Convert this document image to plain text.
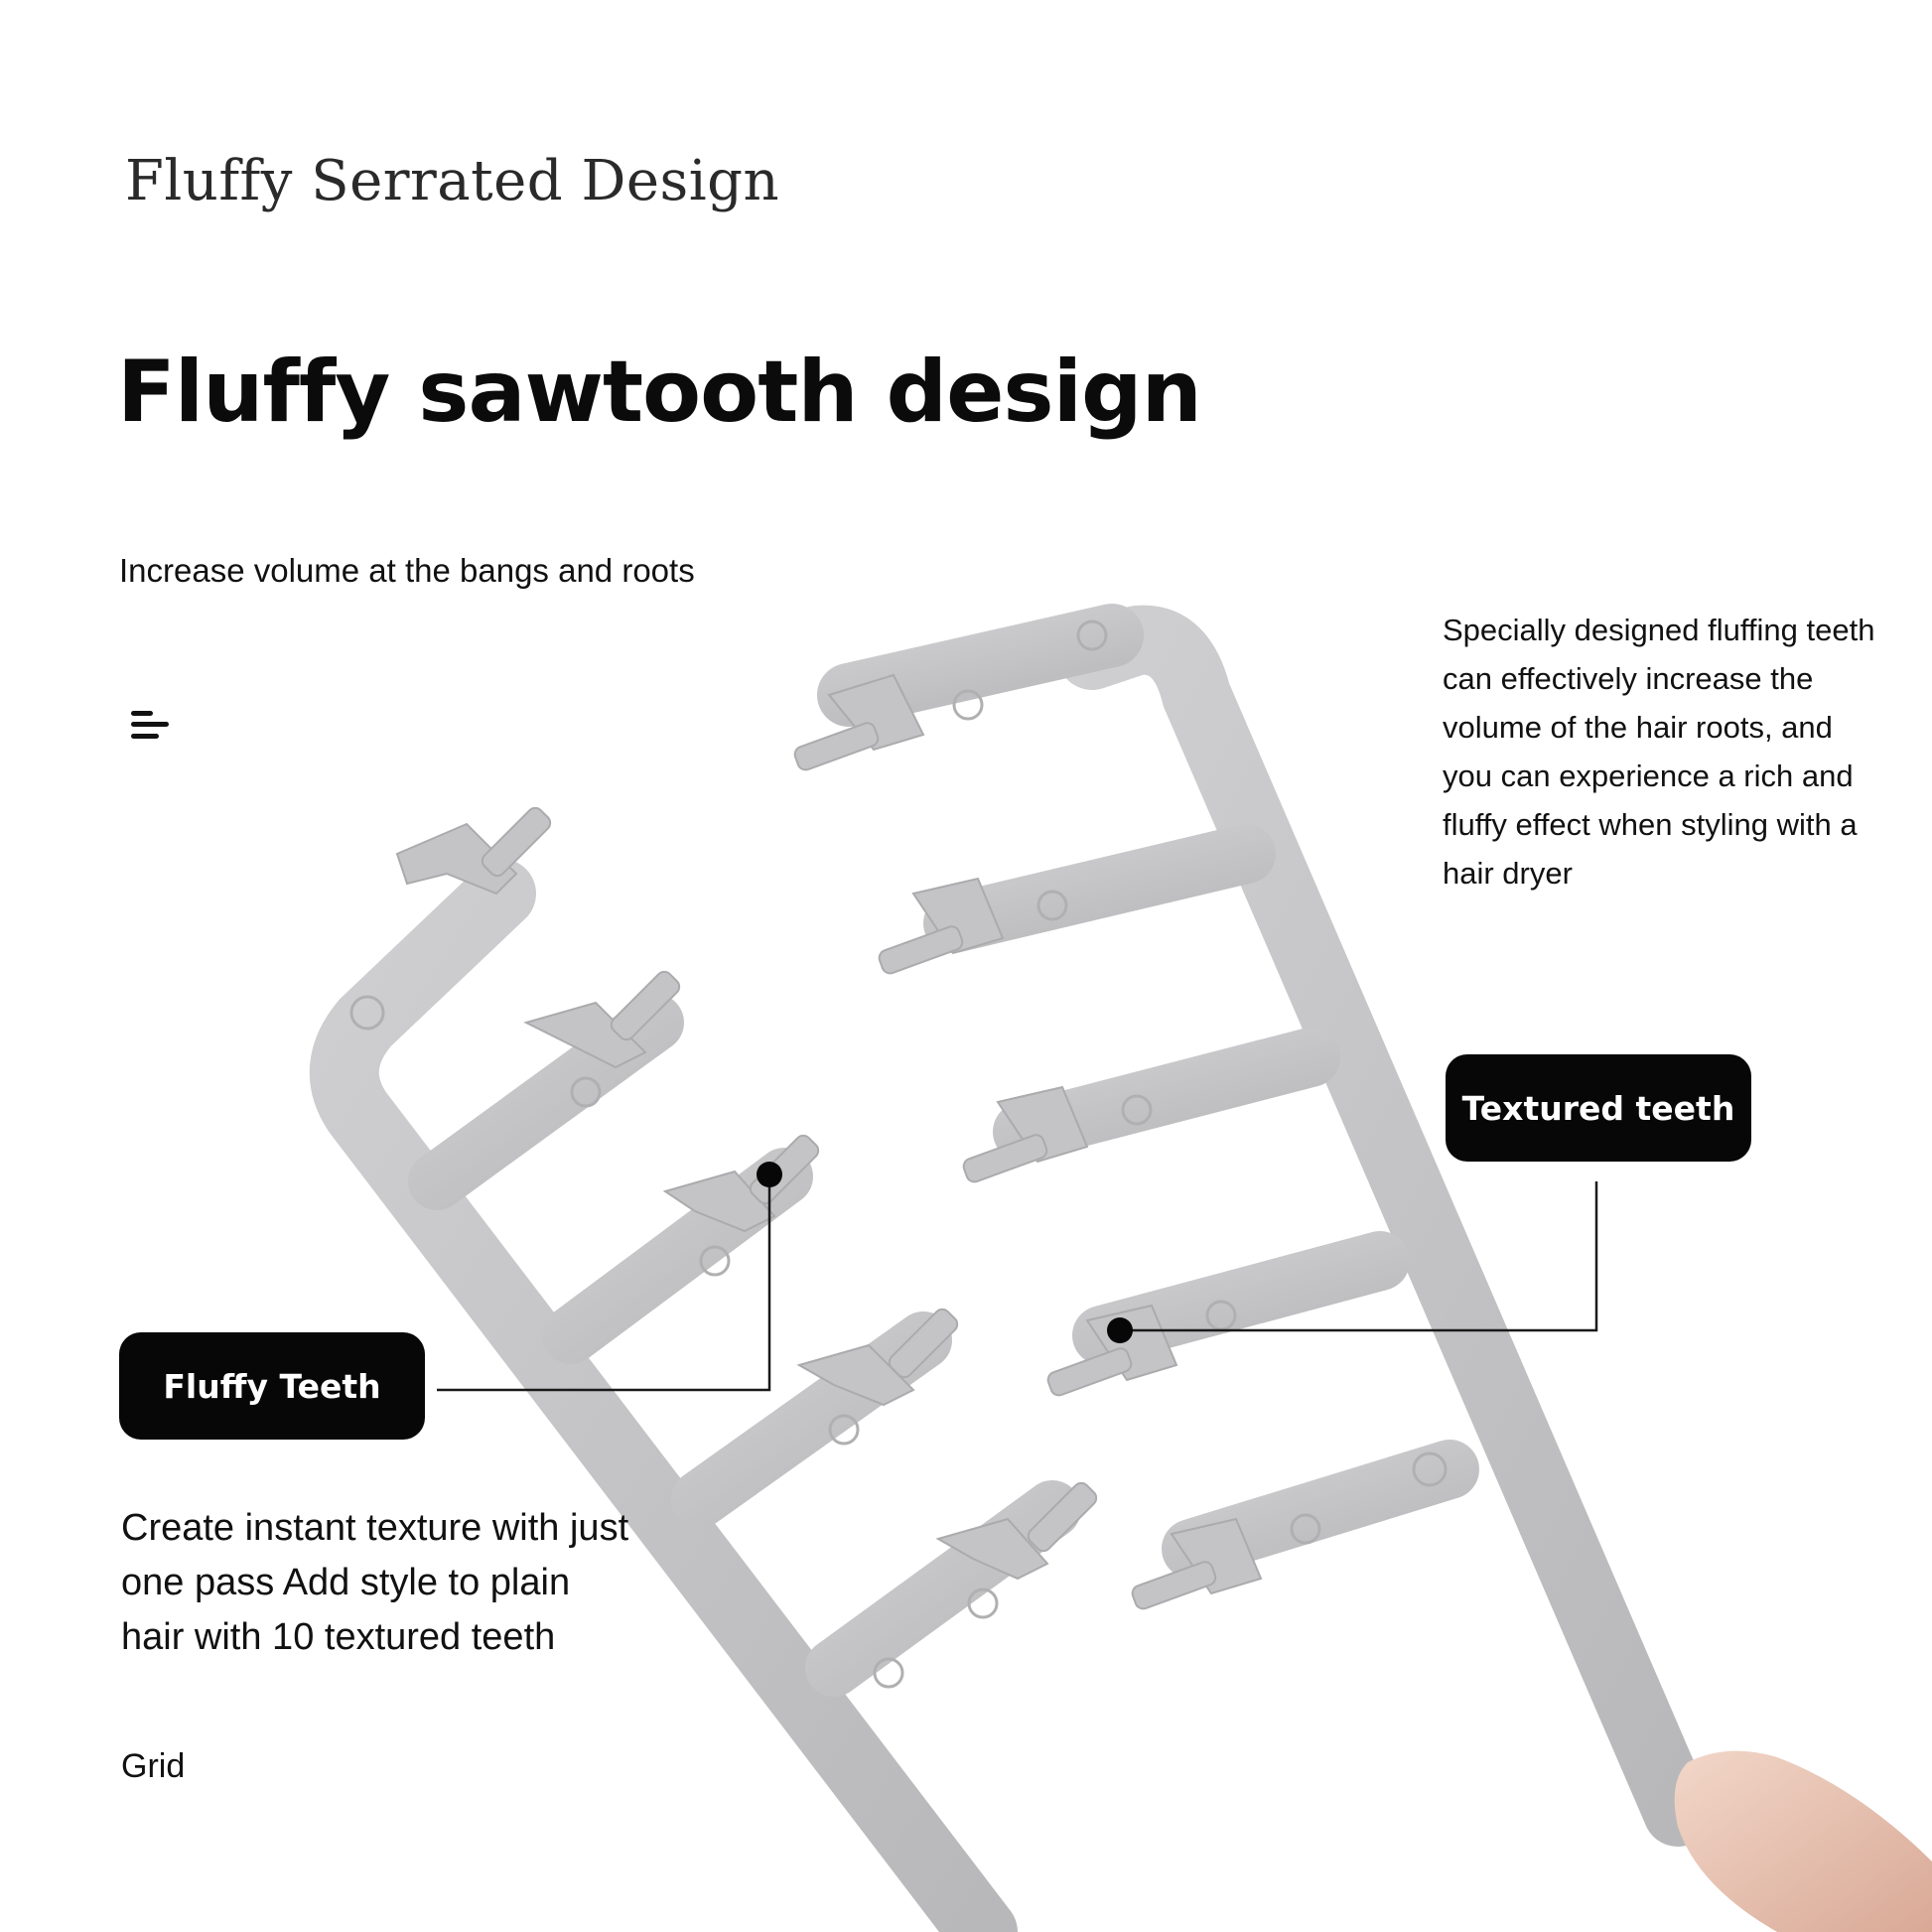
Fluffy Serrated Design
Fluffy sawtooth design
Increase volume at the bangs and roots
Specially designed fluffing teeth can effectively increase the volume of the hair roots, and you can experience a rich and fluffy effect when styling with a hair dryer
Textured teeth
Fluffy Teeth
Create instant texture with just one pass Add style to plain hair with 10 textured teeth
Grid
